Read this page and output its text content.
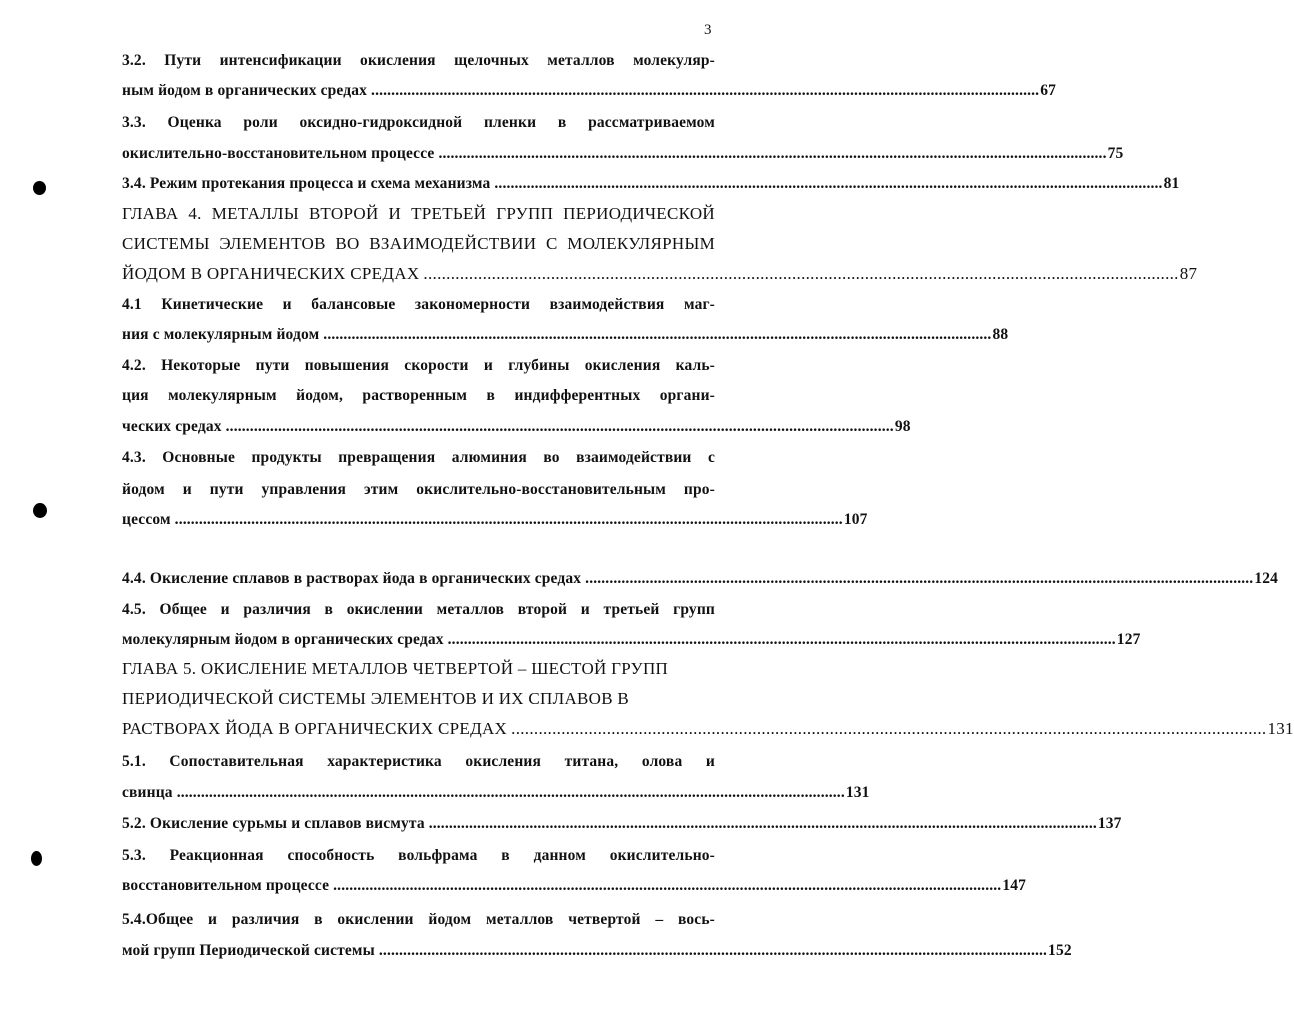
3
3.2. Пути интенсификации окисления щелочных металлов молекуляр-
ным йодом в органических средах ...................................................................................................................................................................... 67
3.3. Оценка роли оксидно-гидроксидной пленки в рассматриваемом
окислительно-восстановительном процессе ...................................................................................................................................................................... 75
3.4. Режим протекания процесса и схема механизма ...................................................................................................................................................................... 81
ГЛАВА 4. МЕТАЛЛЫ ВТОРОЙ И ТРЕТЬЕЙ ГРУПП ПЕРИОДИЧЕСКОЙ
СИСТЕМЫ ЭЛЕМЕНТОВ ВО ВЗАИМОДЕЙСТВИИ С МОЛЕКУЛЯРНЫМ
ЙОДОМ В ОРГАНИЧЕСКИХ СРЕДАХ ...................................................................................................................................................................... 87
4.1 Кинетические и балансовые закономерности взаимодействия маг-
ния с молекулярным йодом ...................................................................................................................................................................... 88
4.2. Некоторые пути повышения скорости и глубины окисления каль-
ция молекулярным йодом, растворенным в индифферентных органи-
ческих средах ...................................................................................................................................................................... 98
4.3. Основные продукты превращения алюминия во взаимодействии с
йодом и пути управления этим окислительно-восстановительным про-
цессом ...................................................................................................................................................................... 107
4.4. Окисление сплавов в растворах йода в органических средах ...................................................................................................................................................................... 124
4.5. Общее и различия в окислении металлов второй и третьей групп
молекулярным йодом в органических средах ...................................................................................................................................................................... 127
ГЛАВА 5. ОКИСЛЕНИЕ МЕТАЛЛОВ ЧЕТВЕРТОЙ – ШЕСТОЙ ГРУПП
ПЕРИОДИЧЕСКОЙ СИСТЕМЫ ЭЛЕМЕНТОВ И ИХ СПЛАВОВ В
РАСТВОРАХ ЙОДА В ОРГАНИЧЕСКИХ СРЕДАХ ...................................................................................................................................................................... 131
5.1. Сопоставительная характеристика окисления титана, олова и
свинца ...................................................................................................................................................................... 131
5.2. Окисление сурьмы и сплавов висмута ...................................................................................................................................................................... 137
5.3. Реакционная способность вольфрама в данном окислительно-
восстановительном процессе ...................................................................................................................................................................... 147
5.4.Общее и различия в окислении йодом металлов четвертой – вось-
мой групп Периодической системы ...................................................................................................................................................................... 152
